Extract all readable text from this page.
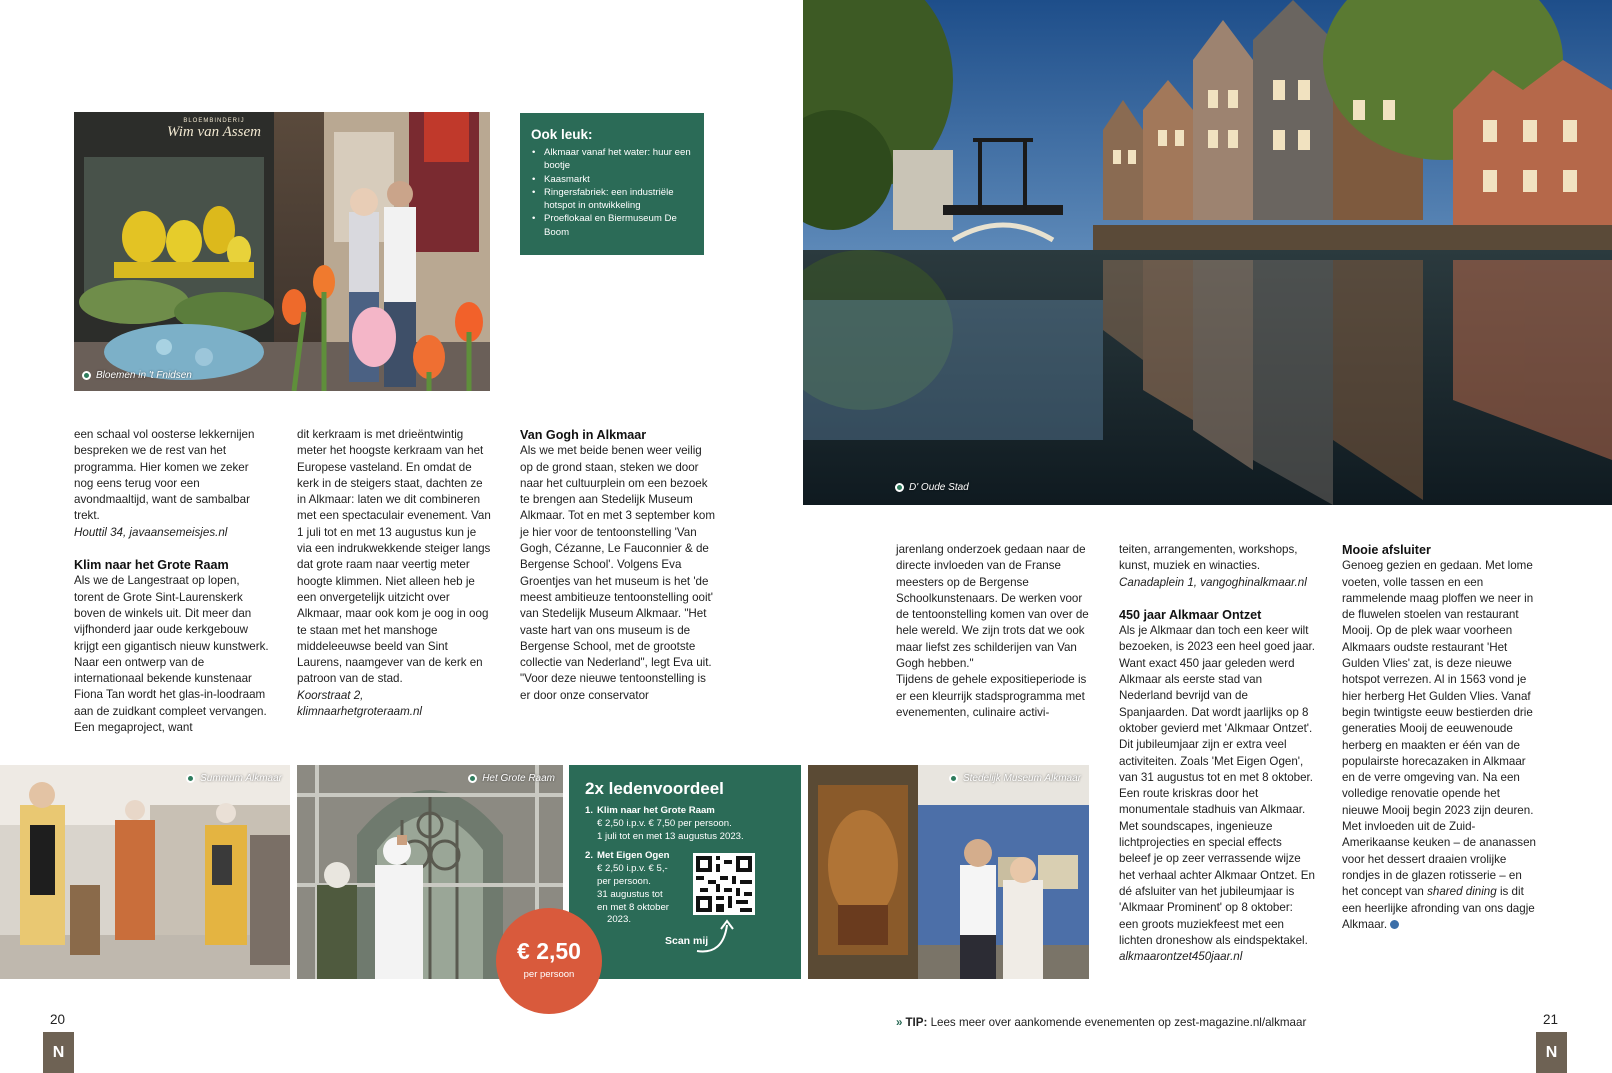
BLOEMBINDERIJ
Wim van Assem
Bloemen in 't Fnidsen
Ook leuk:
• Alkmaar vanaf het water: huur een bootje
• Kaasmarkt
• Ringersfabriek: een industriële hotspot in ontwikkeling
• Proeflokaal en Biermuseum De Boom

een schaal vol oosterse lekkernijen bespreken we de rest van het programma. Hier komen we zeker nog eens terug voor een avondmaaltijd, want de sambalbar trekt.

Houttil 34, javaansemeisjes.nl

Klim naar het Grote Raam

Als we de Langestraat op lopen, torent de Grote Sint-Laurenskerk boven de winkels uit. Dit meer dan vijfhonderd jaar oude kerkgebouw krijgt een gigantisch nieuw kunstwerk. Naar een ontwerp van de internationaal bekende kunstenaar Fiona Tan wordt het glas-in-loodraam aan de zuidkant compleet vervangen. Een megaproject, want

dit kerkraam is met drieëntwintig meter het hoogste kerkraam van het Europese vasteland. En omdat de kerk in de steigers staat, dachten ze in Alkmaar: laten we dit combineren met een spectaculair evenement. Van 1 juli tot en met 13 augustus kun je via een indrukwekkende steiger langs dat grote raam naar veertig meter hoogte klimmen. Niet alleen heb je een onvergetelijk uitzicht over Alkmaar, maar ook kom je oog in oog te staan met het manshoge middeleeuwse beeld van Sint Laurens, naamgever van de kerk en patroon van de stad.

Koorstraat 2,

klimnaarhetgroteraam.nl

Van Gogh in Alkmaar

Als we met beide benen weer veilig op de grond staan, steken we door naar het cultuurplein om een bezoek te brengen aan Stedelijk Museum Alkmaar. Tot en met 3 september kom je hier voor de tentoonstelling 'Van Gogh, Cézanne, Le Fauconnier & de Bergense School'. Volgens Eva Groentjes van het museum is het 'de meest ambitieuze tentoonstelling ooit' van Stedelijk Museum Alkmaar. "Het vaste hart van ons museum is de Bergense School, met de grootste collectie van Nederland", legt Eva uit. "Voor deze nieuwe tentoonstelling is er door onze conservator

Summum Alkmaar	Het Grote Raam
2x ledenvoordeel
1. Klim naar het Grote Raam
€ 2,50 i.p.v. € 7,50 per persoon.
1 juli tot en met 13 augustus 2023.
2. Met Eigen Ogen
€ 2,50 i.p.v. € 5,-
per persoon.
31 augustus tot
en met 8 oktober
2023.
Scan mij
€ 2,50
per persoon
20
N
D' Oude Stad
Stedelijk Museum Alkmaar

jarenlang onderzoek gedaan naar de directe invloeden van de Franse meesters op de Bergense Schoolkunstenaars. De werken voor de tentoonstelling komen van over de hele wereld. We zijn trots dat we ook maar liefst zes schilderijen van Van Gogh hebben."

Tijdens de gehele expositieperiode is er een kleurrijk stadsprogramma met evenementen, culinaire activi-

teiten, arrangementen, workshops, kunst, muziek en winacties.

Canadaplein 1, vangoghinalkmaar.nl

450 jaar Alkmaar Ontzet

Als je Alkmaar dan toch een keer wilt bezoeken, is 2023 een heel goed jaar. Want exact 450 jaar geleden werd Alkmaar als eerste stad van Nederland bevrijd van de Spanjaarden. Dat wordt jaarlijks op 8 oktober gevierd met 'Alkmaar Ontzet'. Dit jubileumjaar zijn er extra veel activiteiten. Zoals 'Met Eigen Ogen', van 31 augustus tot en met 8 oktober. Een route kriskras door het monumentale stadhuis van Alkmaar. Met soundscapes, ingenieuze lichtprojecties en special effects beleef je op zeer verrassende wijze het verhaal achter Alkmaar Ontzet. En dé afsluiter van het jubileumjaar is 'Alkmaar Prominent' op 8 oktober: een groots muziekfeest met een lichten droneshow als eindspektakel.

alkmaarontzet450jaar.nl

Mooie afsluiter

Genoeg gezien en gedaan. Met lome voeten, volle tassen en een rammelende maag ploffen we neer in de fluwelen stoelen van restaurant Mooij. Op de plek waar voorheen Alkmaars oudste restaurant 'Het Gulden Vlies' zat, is deze nieuwe hotspot verrezen. Al in 1563 vond je hier herberg Het Gulden Vlies. Vanaf begin twintigste eeuw bestierden drie generaties Mooij de eeuwenoude herberg en maakten er één van de populairste horecazaken in Alkmaar en de verre omgeving van. Na een volledige renovatie opende het nieuwe Mooij begin 2023 zijn deuren. Met invloeden uit de Zuid-Amerikaanse keuken – de ananassen voor het dessert draaien vrolijke rondjes in de glazen rotisserie – en het concept van shared dining is dit een heerlijke afronding van ons dagje Alkmaar.

» TIP: Lees meer over aankomende evenementen op zest-magazine.nl/alkmaar	21
N
